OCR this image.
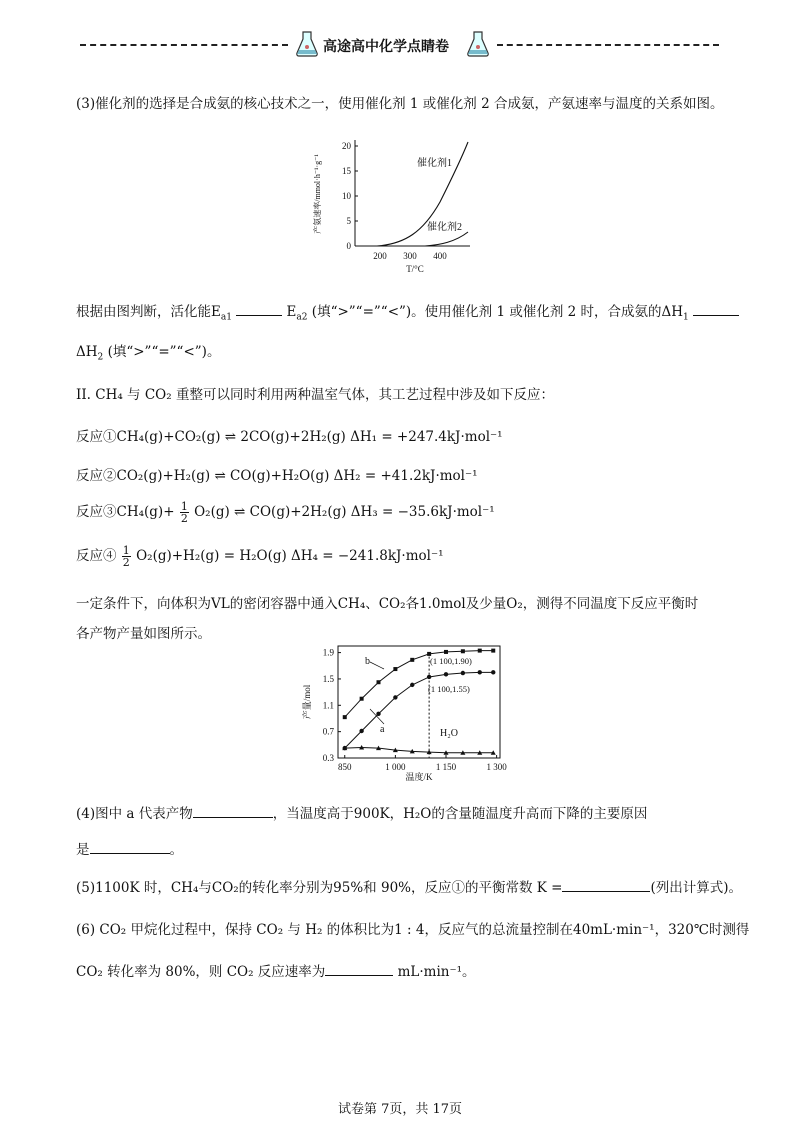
高途高中化学点睛卷
(3)催化剂的选择是合成氨的核心技术之一，使用催化剂 1 或催化剂 2 合成氨，产氨速率与温度的关系如图。
产氨速率/mmol·h⁻¹·g⁻¹
0
5
10
15
20
200 300 400
T/°C
催化剂1
催化剂2
根据由图判断，活化能$E_{a1}$	$E_{a2}$ (填“>”“=”“<”)。使用催化剂 1 或催化剂 2 时，合成氨的$\Delta H_1$
$\Delta H_2$ (填“>”“=”“<”)。
II. CH₄ 与 CO₂ 重整可以同时利用两种温室气体，其工艺过程中涉及如下反应：
反应①CH₄(g)+CO₂(g) ⇌ 2CO(g)+2H₂(g) ΔH₁ = +247.4kJ·mol⁻¹
反应②CO₂(g)+H₂(g) ⇌ CO(g)+H₂O(g) ΔH₂ = +41.2kJ·mol⁻¹
反应③CH₄(g)+ $\frac{1}{2} O_2(g)$ ⇌ CO(g)+2H₂(g) ΔH₃ = −35.6kJ·mol⁻¹
反应④ $\frac{1}{2} O_2(g)+H_2(g) = H_2O(g) \Delta H_4 = -241.8kJ\cdot mol^{-1}$
一定条件下，向体积为VL的密闭容器中通入CH₄、CO₂各1.0mol及少量O₂，测得不同温度下反应平衡时
各产物产量如图所示。
产量/mol
温度/K
0.3
0.7
1.1
1.5
1.9
850	1 000	1 150	1 300
b
a	H₂O
(1 100,1.90)
(1 100,1.55)
(4)图中 a 代表产物	，当温度高于900K，H₂O的含量随温度升高而下降的主要原因
是	。
(5)1100K 时，CH₄与CO₂的转化率分别为95%和 90%，反应①的平衡常数 K =	(列出计算式)。
(6) CO₂ 甲烷化过程中，保持 CO₂ 与 H₂ 的体积比为1 : 4，反应气的总流量控制在40mL·min⁻¹，320℃时测得
CO₂ 转化率为 80%，则 CO₂ 反应速率为	mL·min⁻¹。
试卷第 7页，共 17页
